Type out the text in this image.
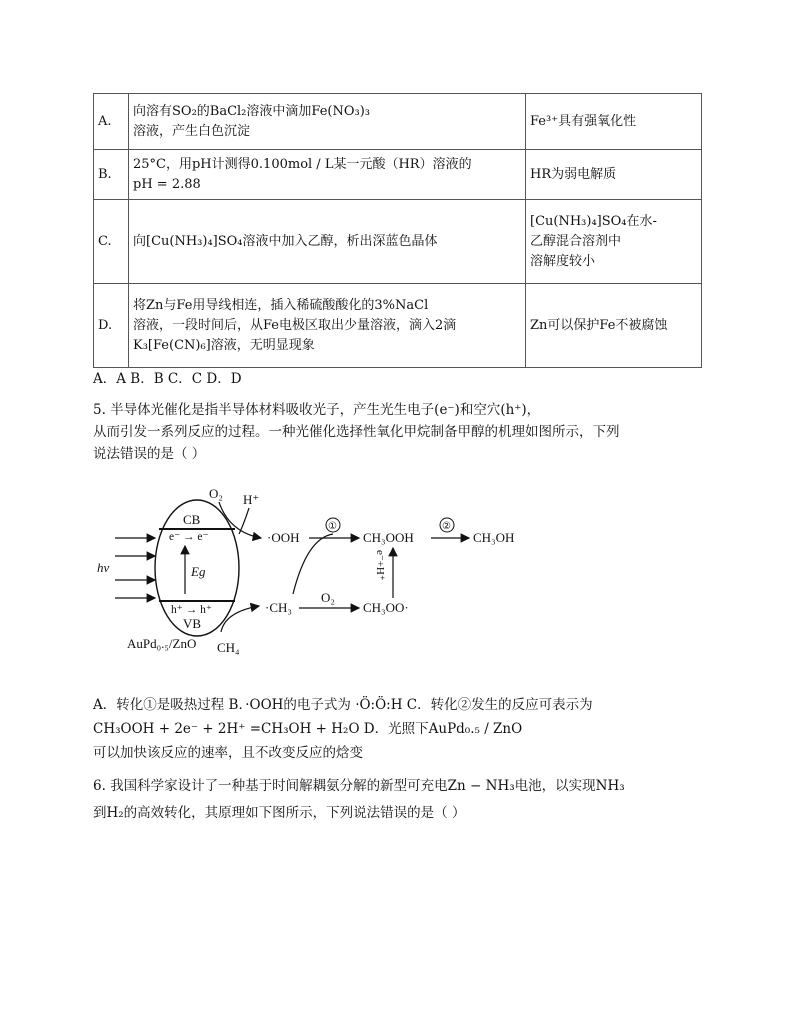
A.	向溶有SO₂的BaCl₂溶液中滴加Fe(NO₃)₃
溶液，产生白色沉淀	Fe³⁺具有强氧化性

B.	25°C，用pH计测得0.100mol / L某一元酸（HR）溶液的
pH = 2.88	HR为弱电解质

C.	向[Cu(NH₃)₄]SO₄溶液中加入乙醇，析出深蓝色晶体	[Cu(NH₃)₄]SO₄在水-
乙醇混合溶剂中
溶解度较小

D.	将Zn与Fe用导线相连，插入稀硫酸酸化的3%NaCl
溶液，一段时间后，从Fe电极区取出少量溶液，滴入2滴
K₃[Fe(CN)₆]溶液，无明显现象	Zn可以保护Fe不被腐蚀
A．A B．B C．C D．D
5. 半导体光催化是指半导体材料吸收光子，产生光生电子(e⁻)和空穴(h⁺)，
从而引发一系列反应的过程。一种光催化选择性氧化甲烷制备甲醇的机理如图所示，下列
说法错误的是（ ）
hν
CB
e⁻ → e⁻
Eg
h⁺ → h⁺
VB
AuPd₀.₅/ZnO
O₂ H⁺
·OOH
CH₄
·CH₃
①
CH₃OOH
②
CH₃OH
O₂
CH₃OO·
e⁻+H⁺
A．转化①是吸热过程 B．·OOH的电子式为 ·Ö:Ö:H C．转化②发生的反应可表示为
CH₃OOH + 2e⁻ + 2H⁺ =CH₃OH + H₂O D．光照下AuPd₀.₅ / ZnO
可以加快该反应的速率，且不改变反应的焓变
6. 我国科学家设计了一种基于时间解耦氨分解的新型可充电Zn − NH₃电池，以实现NH₃
到H₂的高效转化，其原理如下图所示，下列说法错误的是（ ）
